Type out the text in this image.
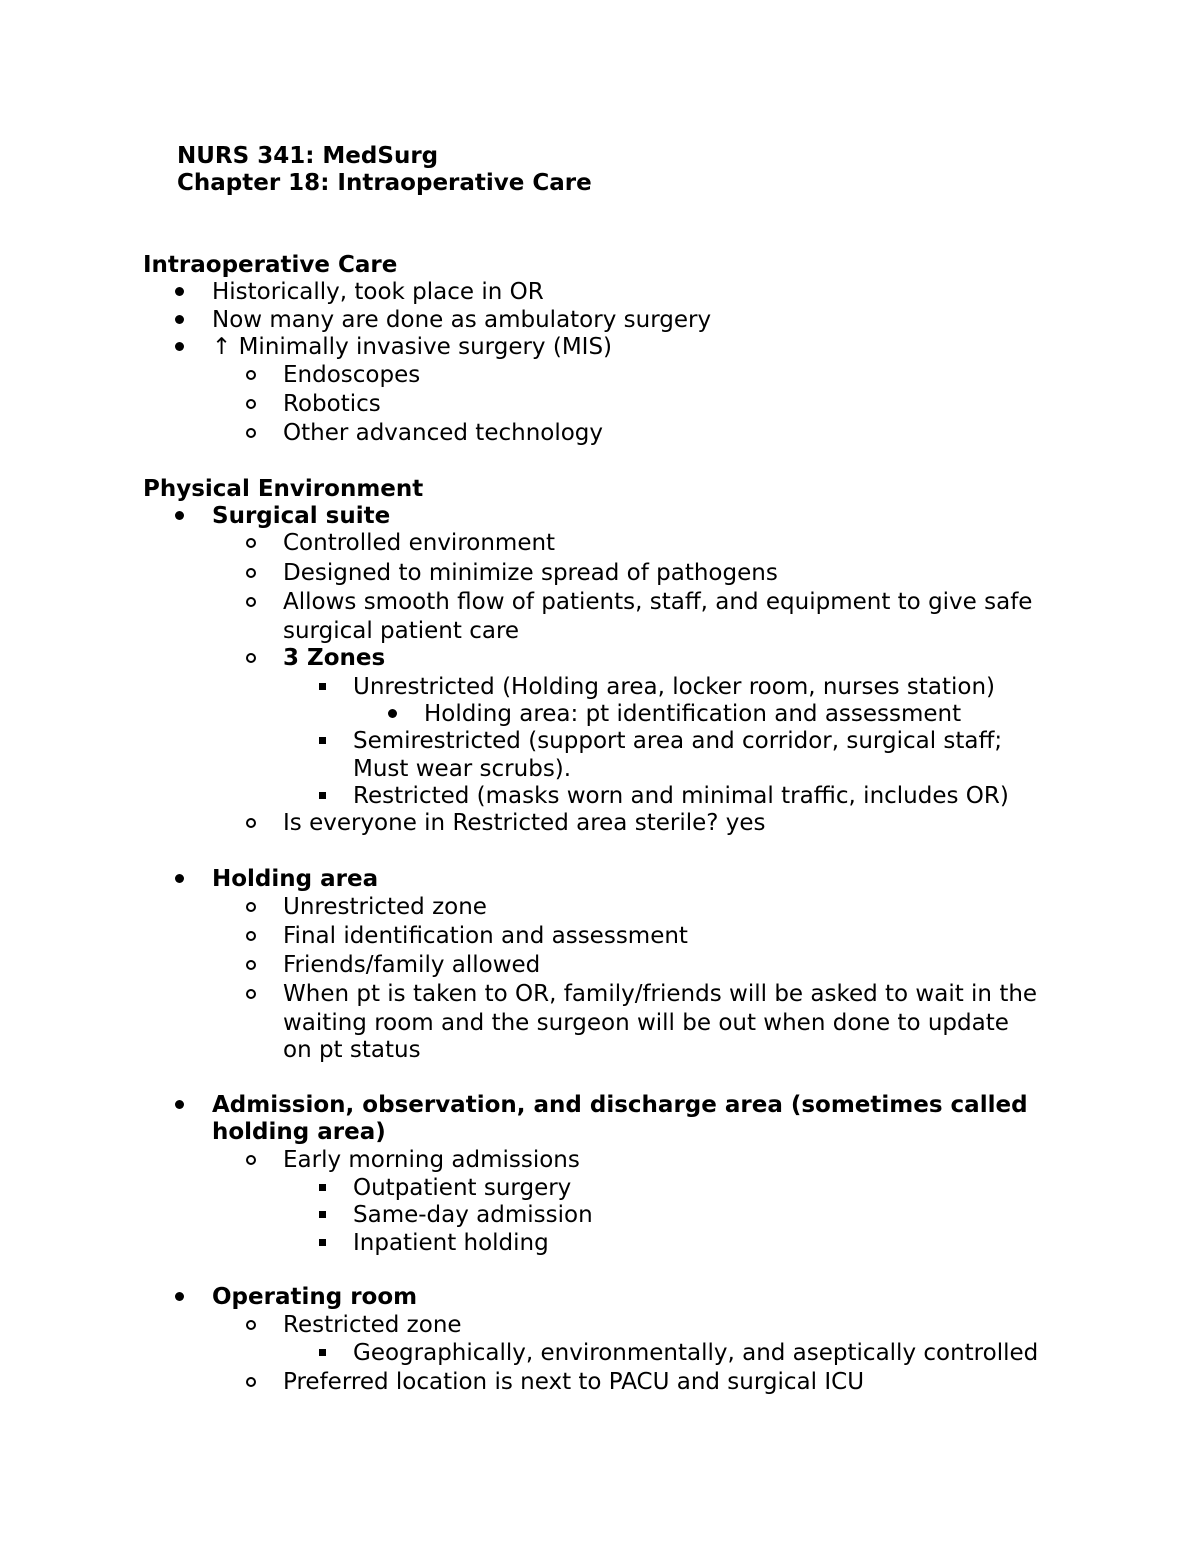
NURS 341: MedSurg
Chapter 18: Intraoperative Care
Intraoperative Care
Historically, took place in OR
Now many are done as ambulatory surgery
↑ Minimally invasive surgery (MIS)
Endoscopes
Robotics
Other advanced technology
Physical Environment
Surgical suite
Controlled environment
Designed to minimize spread of pathogens
Allows smooth flow of patients, staff, and equipment to give safe
surgical patient care
3 Zones
Unrestricted (Holding area, locker room, nurses station)
Holding area: pt identification and assessment
Semirestricted (support area and corridor, surgical staff;
Must wear scrubs).
Restricted (masks worn and minimal traffic, includes OR)
Is everyone in Restricted area sterile? yes
Holding area
Unrestricted zone
Final identification and assessment
Friends/family allowed
When pt is taken to OR, family/friends will be asked to wait in the
waiting room and the surgeon will be out when done to update
on pt status
Admission, observation, and discharge area (sometimes called
holding area)
Early morning admissions
Outpatient surgery
Same-day admission
Inpatient holding
Operating room
Restricted zone
Geographically, environmentally, and aseptically controlled
Preferred location is next to PACU and surgical ICU
